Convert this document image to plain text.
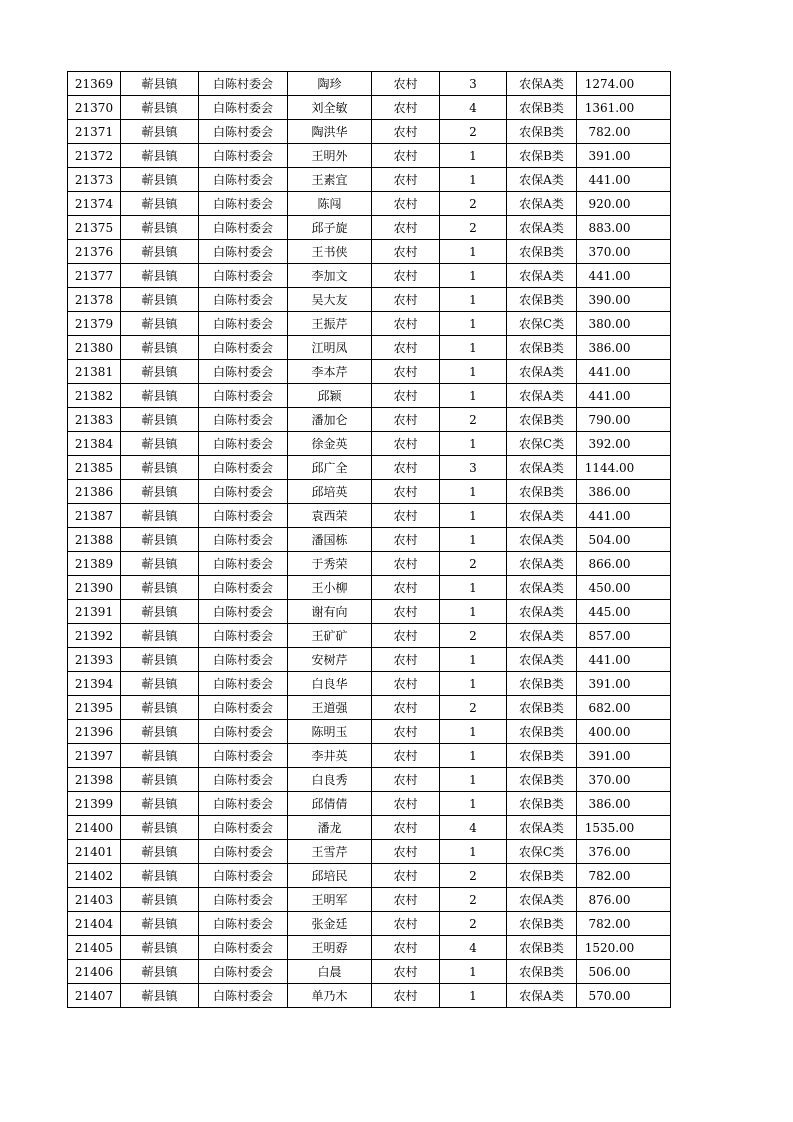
21369	蕲县镇	白陈村委会	陶珍	农村	3	农保A类	1274.00
21370	蕲县镇	白陈村委会	刘全敏	农村	4	农保B类	1361.00
21371	蕲县镇	白陈村委会	陶洪华	农村	2	农保B类	782.00
21372	蕲县镇	白陈村委会	王明外	农村	1	农保B类	391.00
21373	蕲县镇	白陈村委会	王素宜	农村	1	农保A类	441.00
21374	蕲县镇	白陈村委会	陈闯	农村	2	农保A类	920.00
21375	蕲县镇	白陈村委会	邱子旋	农村	2	农保A类	883.00
21376	蕲县镇	白陈村委会	王书侠	农村	1	农保B类	370.00
21377	蕲县镇	白陈村委会	李加文	农村	1	农保A类	441.00
21378	蕲县镇	白陈村委会	吴大友	农村	1	农保B类	390.00
21379	蕲县镇	白陈村委会	王振芹	农村	1	农保C类	380.00
21380	蕲县镇	白陈村委会	江明凤	农村	1	农保B类	386.00
21381	蕲县镇	白陈村委会	李本芹	农村	1	农保A类	441.00
21382	蕲县镇	白陈村委会	邱颖	农村	1	农保A类	441.00
21383	蕲县镇	白陈村委会	潘加仑	农村	2	农保B类	790.00
21384	蕲县镇	白陈村委会	徐金英	农村	1	农保C类	392.00
21385	蕲县镇	白陈村委会	邱广全	农村	3	农保A类	1144.00
21386	蕲县镇	白陈村委会	邱培英	农村	1	农保B类	386.00
21387	蕲县镇	白陈村委会	袁西荣	农村	1	农保A类	441.00
21388	蕲县镇	白陈村委会	潘国栋	农村	1	农保A类	504.00
21389	蕲县镇	白陈村委会	于秀荣	农村	2	农保A类	866.00
21390	蕲县镇	白陈村委会	王小柳	农村	1	农保A类	450.00
21391	蕲县镇	白陈村委会	谢有向	农村	1	农保A类	445.00
21392	蕲县镇	白陈村委会	王矿矿	农村	2	农保A类	857.00
21393	蕲县镇	白陈村委会	安树芹	农村	1	农保A类	441.00
21394	蕲县镇	白陈村委会	白良华	农村	1	农保B类	391.00
21395	蕲县镇	白陈村委会	王道强	农村	2	农保B类	682.00
21396	蕲县镇	白陈村委会	陈明玉	农村	1	农保B类	400.00
21397	蕲县镇	白陈村委会	李井英	农村	1	农保B类	391.00
21398	蕲县镇	白陈村委会	白良秀	农村	1	农保B类	370.00
21399	蕲县镇	白陈村委会	邱倩倩	农村	1	农保B类	386.00
21400	蕲县镇	白陈村委会	潘龙	农村	4	农保A类	1535.00
21401	蕲县镇	白陈村委会	王雪芹	农村	1	农保C类	376.00
21402	蕲县镇	白陈村委会	邱培民	农村	2	农保B类	782.00
21403	蕲县镇	白陈村委会	王明军	农村	2	农保A类	876.00
21404	蕲县镇	白陈村委会	张金廷	农村	2	农保B类	782.00
21405	蕲县镇	白陈村委会	王明孬	农村	4	农保B类	1520.00
21406	蕲县镇	白陈村委会	白晨	农村	1	农保B类	506.00
21407	蕲县镇	白陈村委会	单乃木	农村	1	农保A类	570.00
